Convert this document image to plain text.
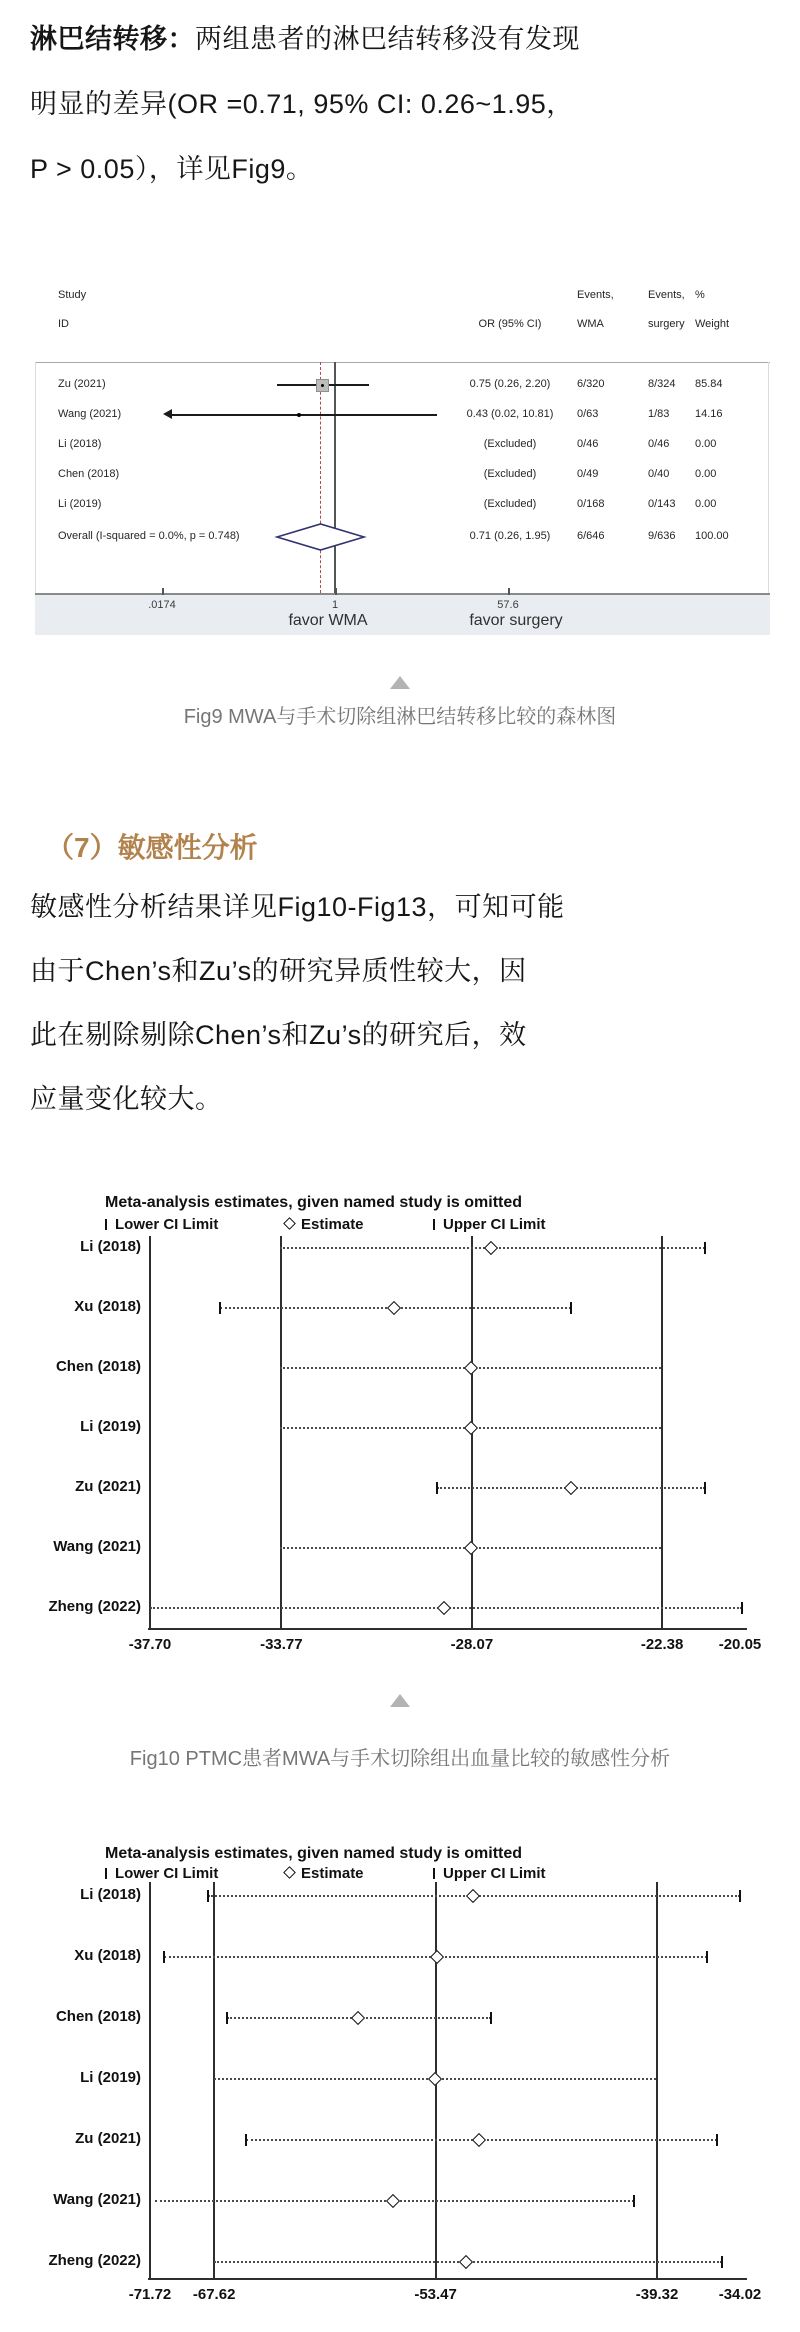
淋巴结转移：两组患者的淋巴结转移没有发现
明显的差异(OR =0.71, 95% CI: 0.26~1.95，
P > 0.05），详见Fig9。
Study
ID	OR (95% CI)
Events,
WMA
Events,
surgery
%
Weight
Zu (2021)	0.75 (0.26, 2.20)	6/320	8/324 85.84
Wang (2021)	0.43 (0.02, 10.81)	0/63	1/83 14.16
Li (2018)	(Excluded)	0/46	0/46 0.00
Chen (2018)	(Excluded)	0/49	0/40 0.00
Li (2019)	(Excluded)	0/168	0/143 0.00
Overall (I-squared = 0.0%, p = 0.748)	0.71 (0.26, 1.95)	6/646	9/636 100.00
.0174	1	57.6
favor WMA	favor surgery
Fig9 MWA与手术切除组淋巴结转移比较的森林图
（7）敏感性分析
敏感性分析结果详见Fig10-Fig13，可知可能
由于Chen’s和Zu’s的研究异质性较大，因
此在剔除剔除Chen’s和Zu’s的研究后，效
应量变化较大。
Meta-analysis estimates, given named study is omitted
Lower CI Limit	Estimate	Upper CI Limit
Li (2018)
Xu (2018)
Chen (2018)
Li (2019)
Zu (2021)
Wang (2021)
Zheng (2022)
-37.70	-33.77	-28.07	-22.38	-20.05
Fig10 PTMC患者MWA与手术切除组出血量比较的敏感性分析
Meta-analysis estimates, given named study is omitted
Lower CI Limit	Estimate	Upper CI Limit
Li (2018)
Xu (2018)
Chen (2018)
Li (2019)
Zu (2021)
Wang (2021)
Zheng (2022)
-71.72	-67.62	-53.47	-39.32	-34.02
